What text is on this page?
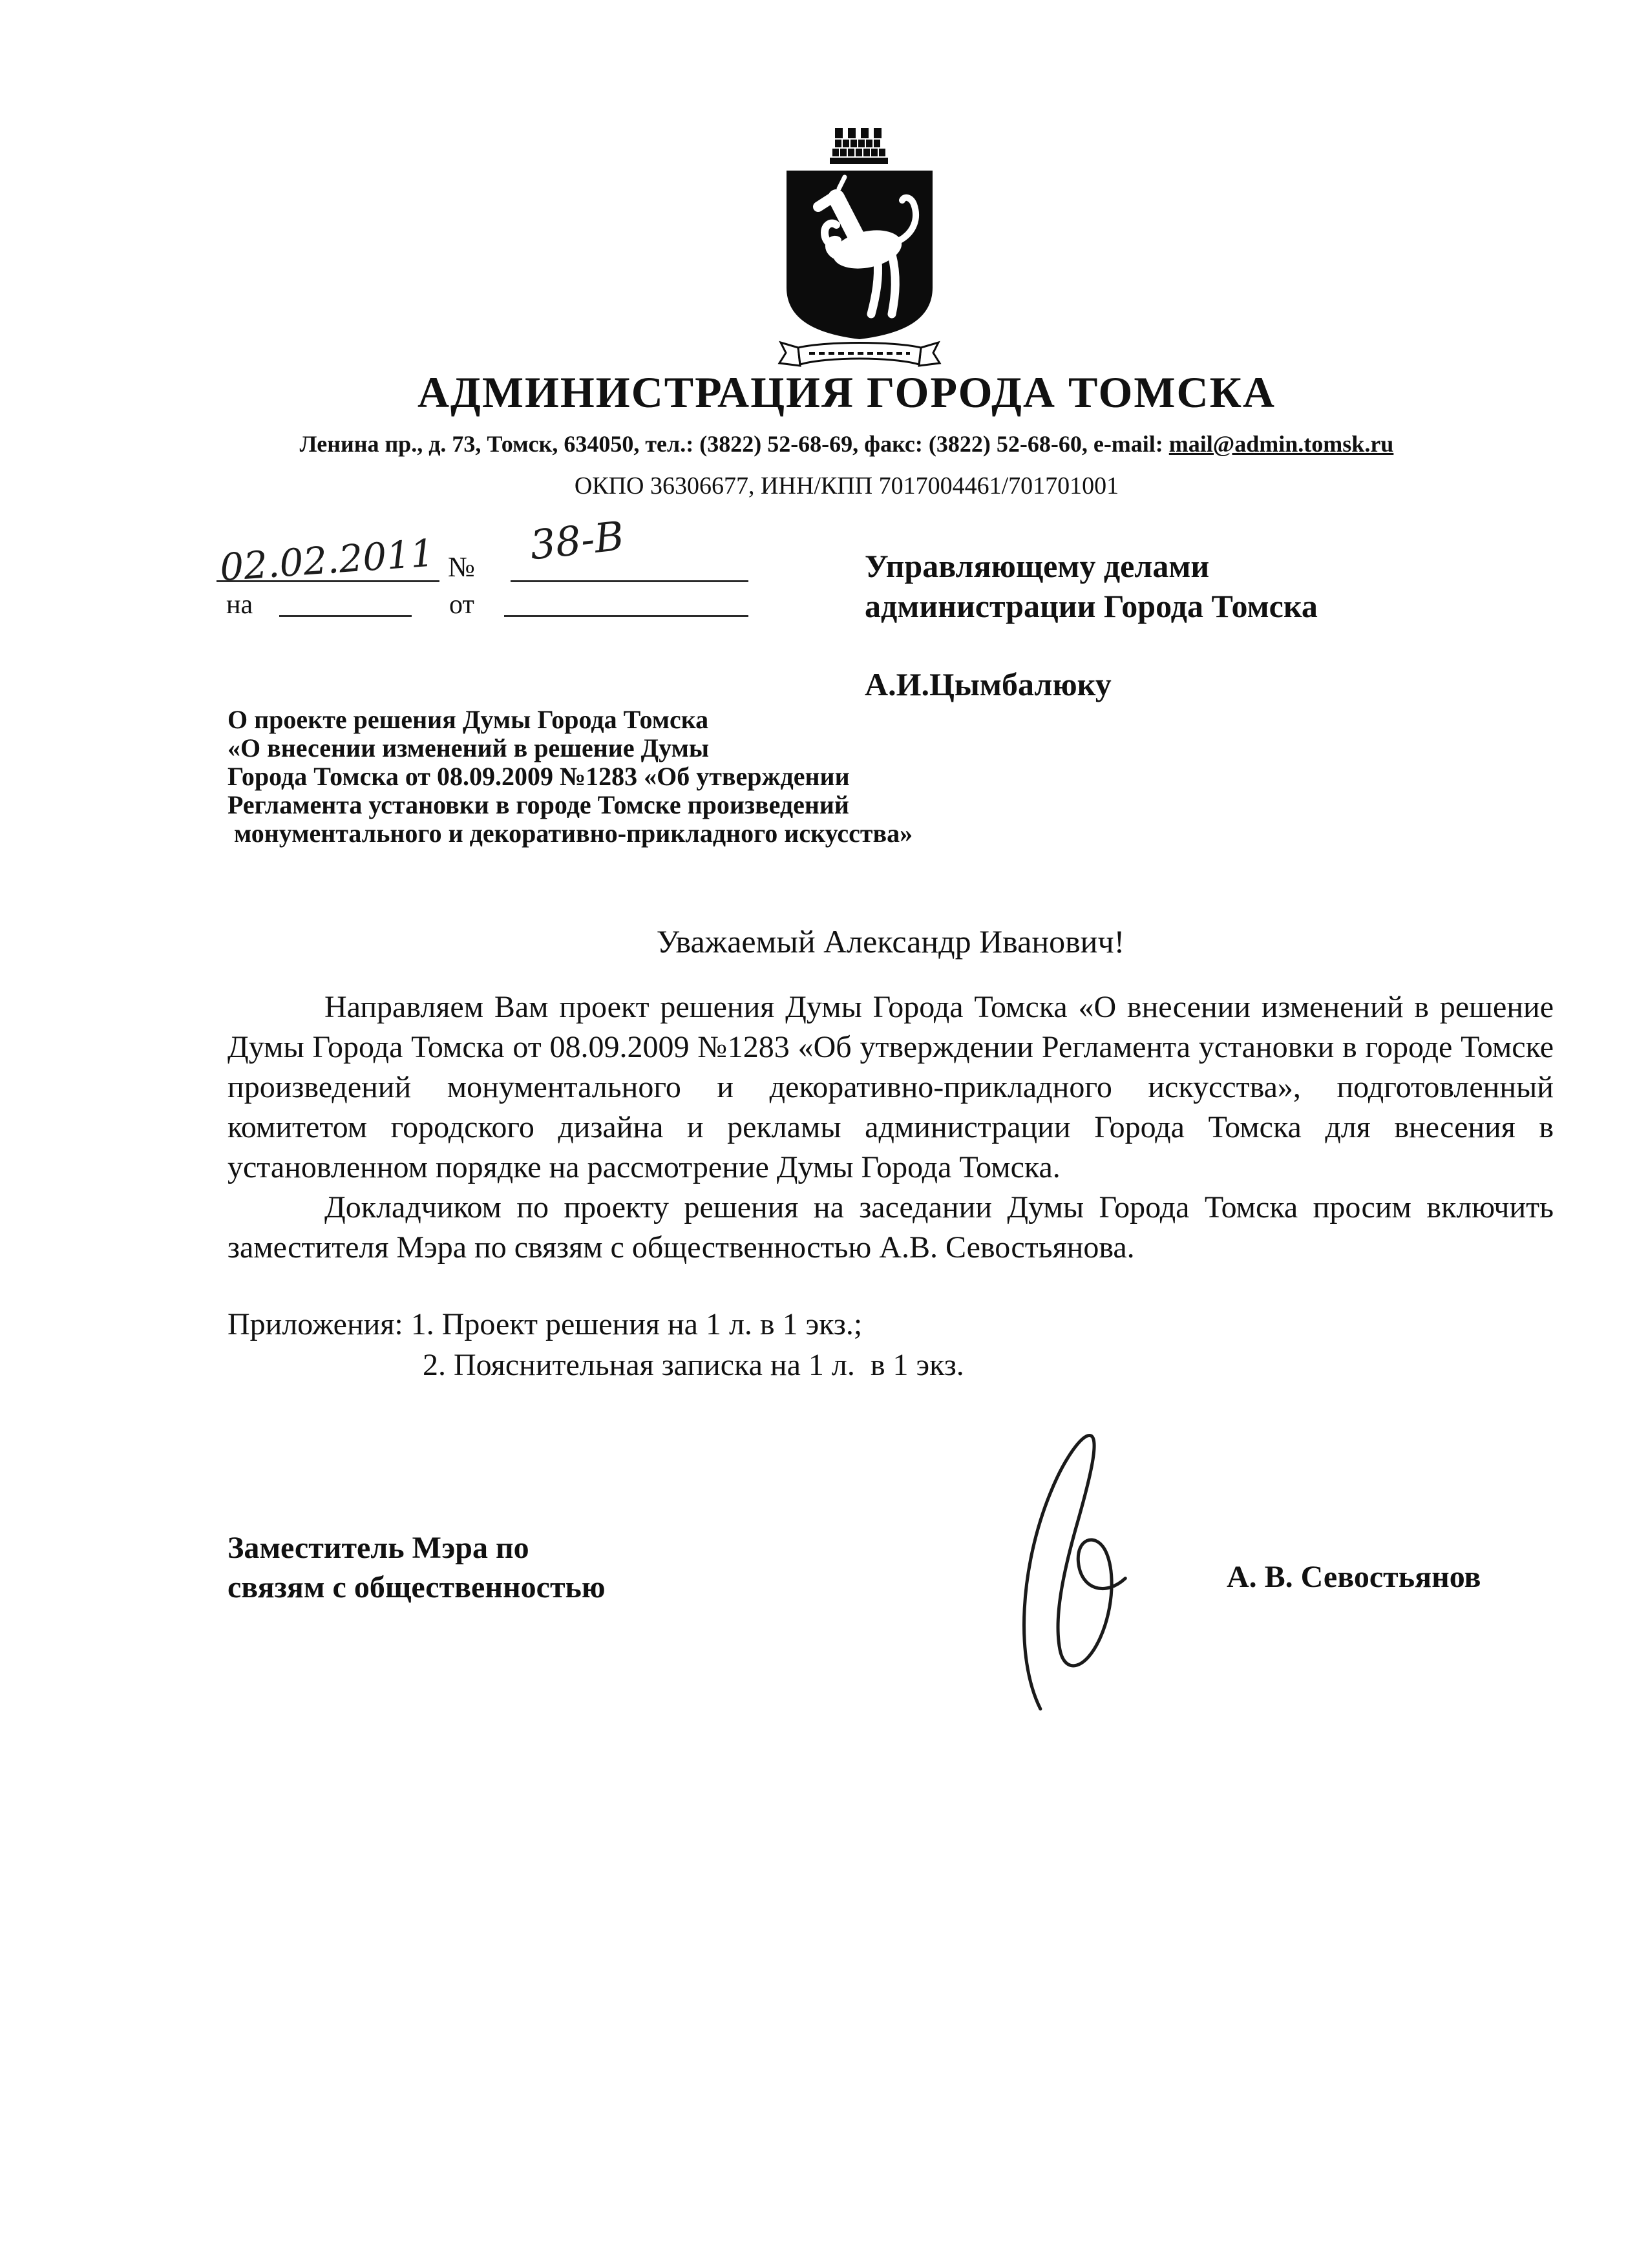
АДМИНИСТРАЦИЯ ГОРОДА ТОМСКА
Ленина пр., д. 73, Томск, 634050, тел.: (3822) 52-68-69, факс: (3822) 52-68-60, e-mail: mail@admin.tomsk.ru
ОКПО 36306677, ИНН/КПП 7017004461/701701001
02.02.2011 № 38-В
на	от
Управляющему делами
администрации Города Томска
А.И.Цымбалюку
О проекте решения Думы Города Томска
«О внесении изменений в решение Думы
Города Томска от 08.09.2009 №1283 «Об утверждении
Регламента установки в городе Томске произведений
монументального и декоративно-прикладного искусства»
Уважаемый Александр Иванович!

Направляем Вам проект решения Думы Города Томска «О внесении изменений в решение Думы Города Томска от 08.09.2009 №1283 «Об утверждении Регламента установки в городе Томске произведений монументального и декоративно-прикладного искусства», подготовленный комитетом городского дизайна и рекламы администрации Города Томска для внесения в установленном порядке на рассмотрение Думы Города Томска.

Докладчиком по проекту решения на заседании Думы Города Томска просим включить заместителя Мэра по связям с общественностью А.В. Севостьянова.

Приложения: 1. Проект решения на 1 л. в 1 экз.;
2. Пояснительная записка на 1 л.  в 1 экз.
Заместитель Мэра по
связям с общественностью	А. В. Севостьянов
